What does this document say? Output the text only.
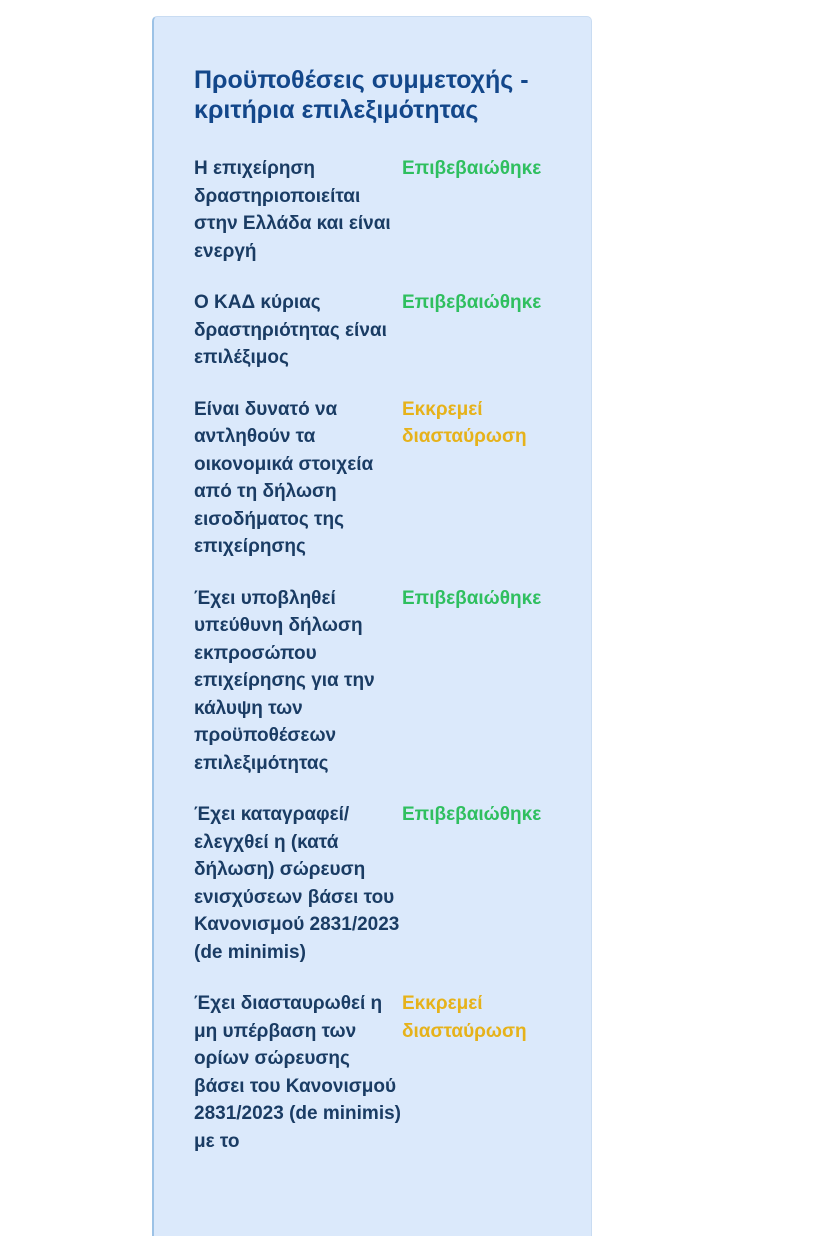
Προϋποθέσεις συμμετοχής - κριτήρια επιλεξιμότητας
Η επιχείρηση δραστηριοποιείται στην Ελλάδα και είναι ενεργή
Επιβεβαιώθηκε
Ο ΚΑΔ κύριας δραστηριότητας είναι επιλέξιμος
Επιβεβαιώθηκε
Είναι δυνατό να αντληθούν τα οικονομικά στοιχεία από τη δήλωση εισοδήματος της επιχείρησης
Εκκρεμεί διασταύρωση
Έχει υποβληθεί υπεύθυνη δήλωση εκπροσώπου επιχείρησης για την κάλυψη των προϋποθέσεων επιλεξιμότητας
Επιβεβαιώθηκε
Έχει καταγραφεί/ ελεγχθεί η (κατά δήλωση) σώρευση ενισχύσεων βάσει του Κανονισμού 2831/2023 (de minimis)
Επιβεβαιώθηκε
Έχει διασταυρωθεί η μη υπέρβαση των ορίων σώρευσης βάσει του Κανονισμού 2831/2023 (de minimis) με το
Εκκρεμεί διασταύρωση
